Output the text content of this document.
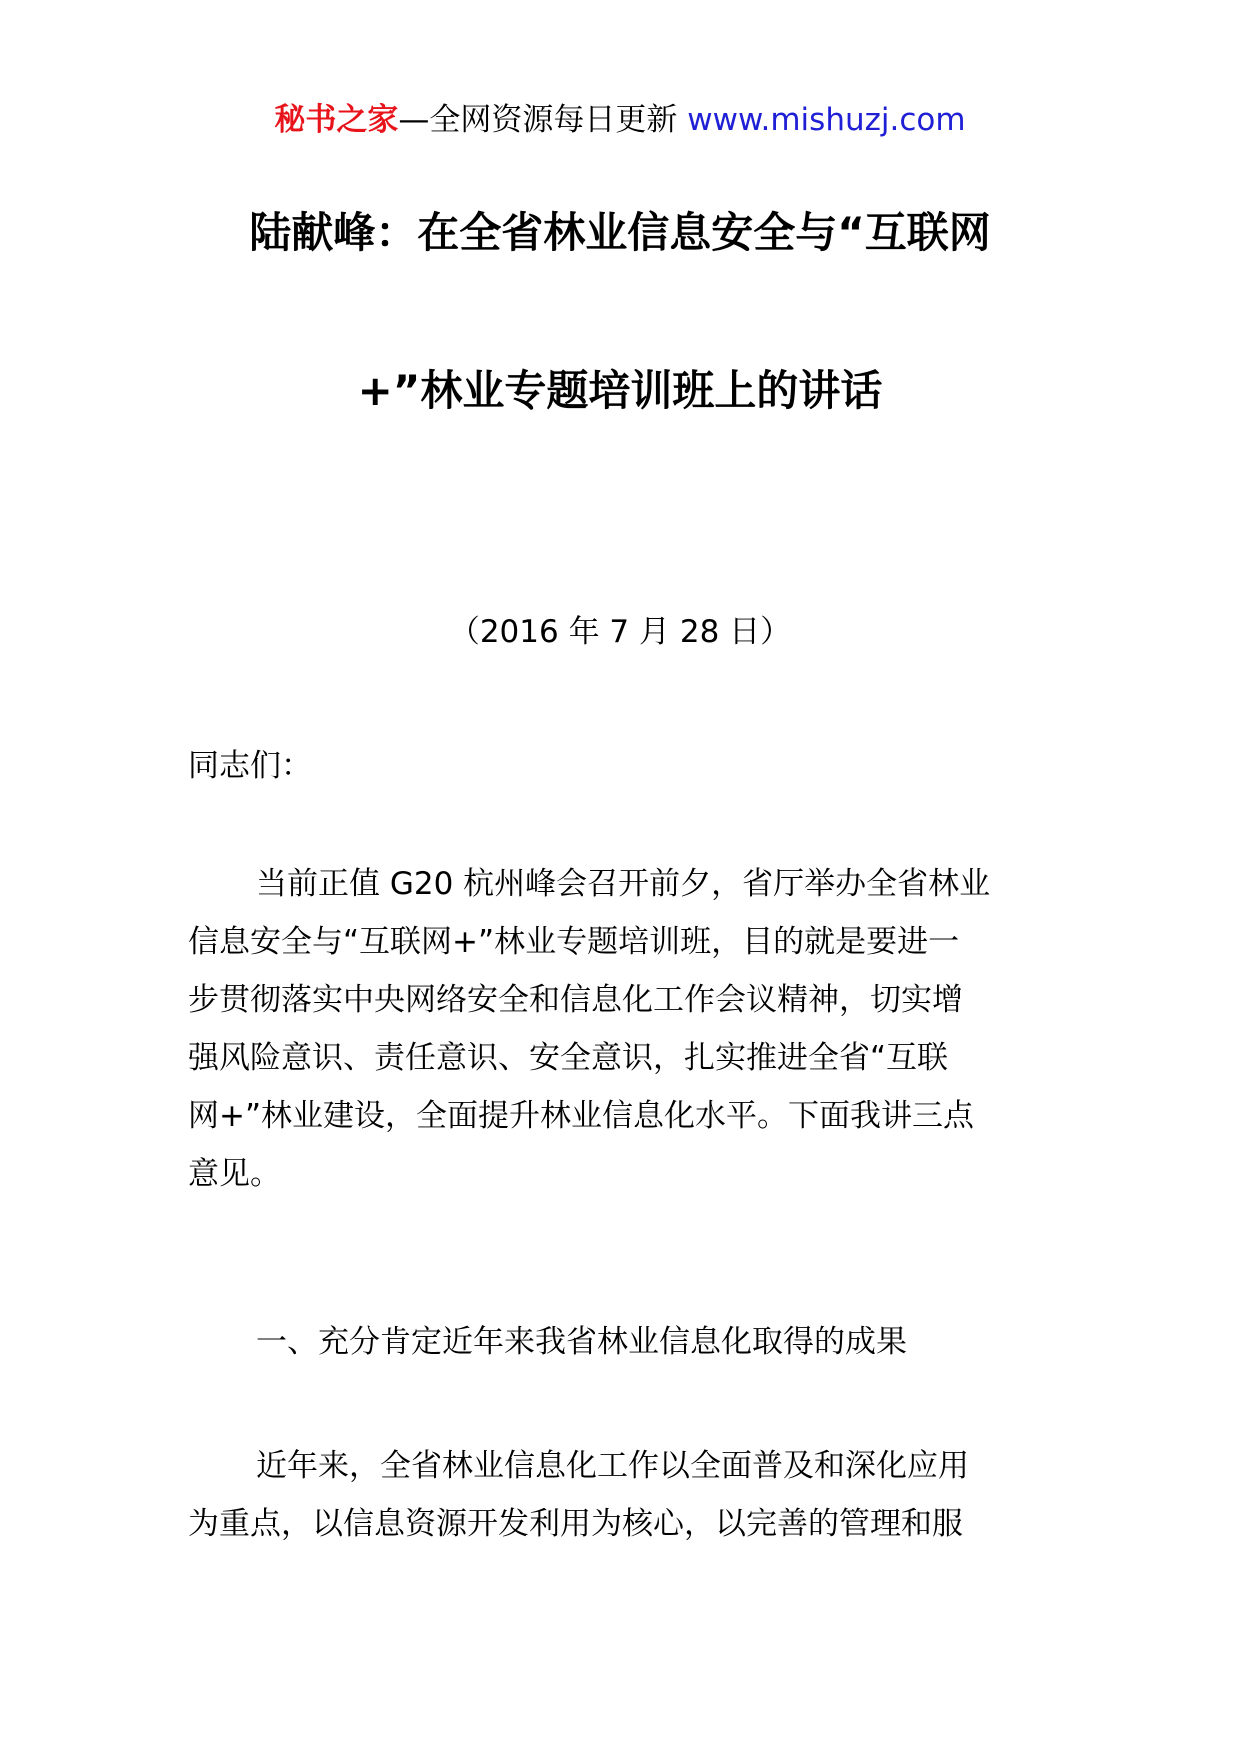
秘书之家—全网资源每日更新 www.mishuzj.com
陆献峰：在全省林业信息安全与“互联网
+”林业专题培训班上的讲话
（2016 年 7 月 28 日）
同志们：
当前正值 G20 杭州峰会召开前夕，省厅举办全省林业
信息安全与“互联网+”林业专题培训班，目的就是要进一
步贯彻落实中央网络安全和信息化工作会议精神，切实增
强风险意识、责任意识、安全意识，扎实推进全省“互联
网+”林业建设，全面提升林业信息化水平。下面我讲三点
意见。
一、充分肯定近年来我省林业信息化取得的成果
近年来，全省林业信息化工作以全面普及和深化应用
为重点，以信息资源开发利用为核心，以完善的管理和服
